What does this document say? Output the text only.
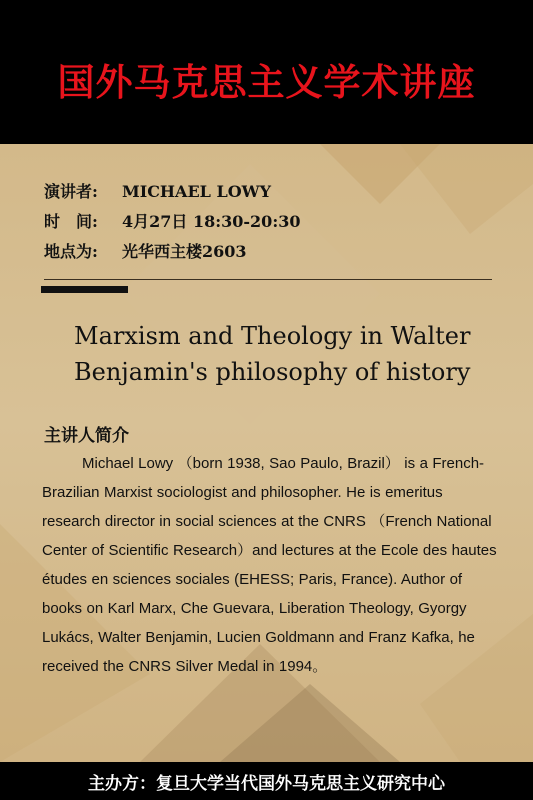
国外马克思主义学术讲座
演讲者: MICHAEL LOWY
时　间: 4月27日 18:30-20:30
地点为: 光华西主楼2603
Marxism and Theology in Walter
Benjamin's philosophy of history
主讲人简介
Michael Lowy （born 1938, Sao Paulo, Brazil） is a French-Brazilian Marxist sociologist and philosopher. He is emeritus research director in social sciences at the CNRS （French National Center of Scientific Research）and lectures at the Ecole des hautes études en sciences sociales (EHESS; Paris, France). Author of books on Karl Marx, Che Guevara, Liberation Theology, Gyorgy Lukács, Walter Benjamin, Lucien Goldmann and Franz Kafka, he received the CNRS Silver Medal in 1994。
主办方：复旦大学当代国外马克思主义研究中心
